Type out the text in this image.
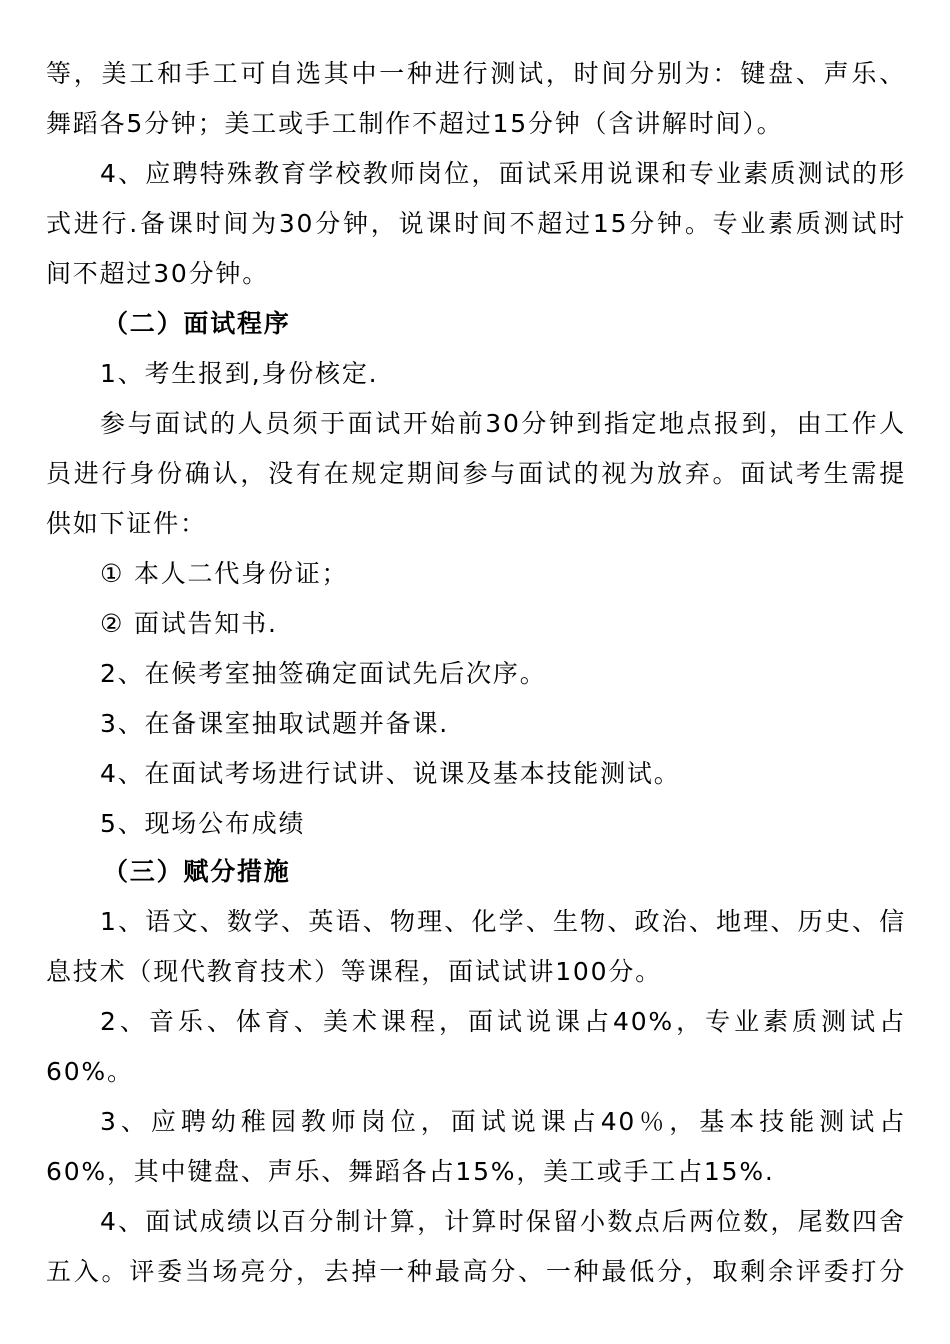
等，美工和手工可自选其中一种进行测试，时间分别为：键盘、声乐、
舞蹈各5分钟；美工或手工制作不超过15分钟（含讲解时间）。
4、应聘特殊教育学校教师岗位，面试采用说课和专业素质测试的形
式进行.备课时间为30分钟，说课时间不超过15分钟。专业素质测试时
间不超过30分钟。
（二）面试程序
1、考生报到,身份核定.
参与面试的人员须于面试开始前30分钟到指定地点报到，由工作人
员进行身份确认，没有在规定期间参与面试的视为放弃。面试考生需提
供如下证件：
① 本人二代身份证；
② 面试告知书.
2、在候考室抽签确定面试先后次序。
3、在备课室抽取试题并备课.
4、在面试考场进行试讲、说课及基本技能测试。
5、现场公布成绩
（三）赋分措施
1、语文、数学、英语、物理、化学、生物、政治、地理、历史、信
息技术（现代教育技术）等课程，面试试讲100分。
2、音乐、体育、美术课程，面试说课占40%，专业素质测试占
60%。
3、应聘幼稚园教师岗位，面试说课占40％，基本技能测试占
60%，其中键盘、声乐、舞蹈各占15%，美工或手工占15%.
4、面试成绩以百分制计算，计算时保留小数点后两位数，尾数四舍
五入。评委当场亮分，去掉一种最高分、一种最低分，取剩余评委打分
